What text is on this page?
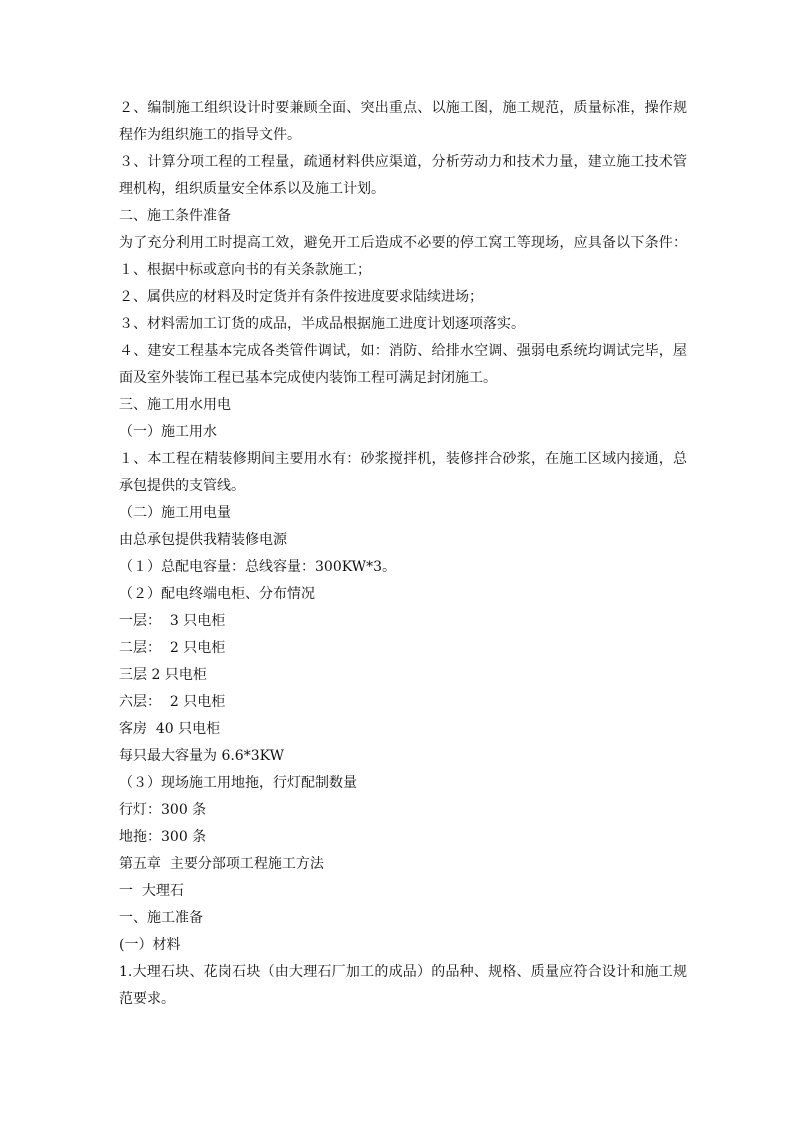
２、编制施工组织设计时要兼顾全面、突出重点、以施工图，施工规范，质量标准，操作规
程作为组织施工的指导文件。
３、计算分项工程的工程量，疏通材料供应渠道，分析劳动力和技术力量，建立施工技术管
理机构，组织质量安全体系以及施工计划。
二、施工条件准备
为了充分利用工时提高工效，避免开工后造成不必要的停工窝工等现场，应具备以下条件：
１、根据中标或意向书的有关条款施工；
２、属供应的材料及时定货并有条件按进度要求陆续进场；
３、材料需加工订货的成品，半成品根据施工进度计划逐项落实。
４、建安工程基本完成各类管件调试，如：消防、给排水空调、强弱电系统均调试完毕，屋
面及室外装饰工程已基本完成使内装饰工程可满足封闭施工。
三、施工用水用电
（一）施工用水
１、本工程在精装修期间主要用水有：砂浆搅拌机，装修拌合砂浆，在施工区域内接通，总
承包提供的支管线。
（二）施工用电量
由总承包提供我精装修电源
（１）总配电容量：总线容量：300KW*3。
（２）配电终端电柜、分布情况
一层：  3 只电柜
二层：  2 只电柜
三层 2 只电柜
六层：  2 只电柜
客房  40 只电柜
每只最大容量为 6.6*3KW
（３）现场施工用地拖，行灯配制数量
行灯：300 条
地拖：300 条
第五章  主要分部项工程施工方法
一  大理石
一、施工准备
(一）材料
1.大理石块、花岗石块（由大理石厂加工的成品）的品种、规格、质量应符合设计和施工规
范要求。
